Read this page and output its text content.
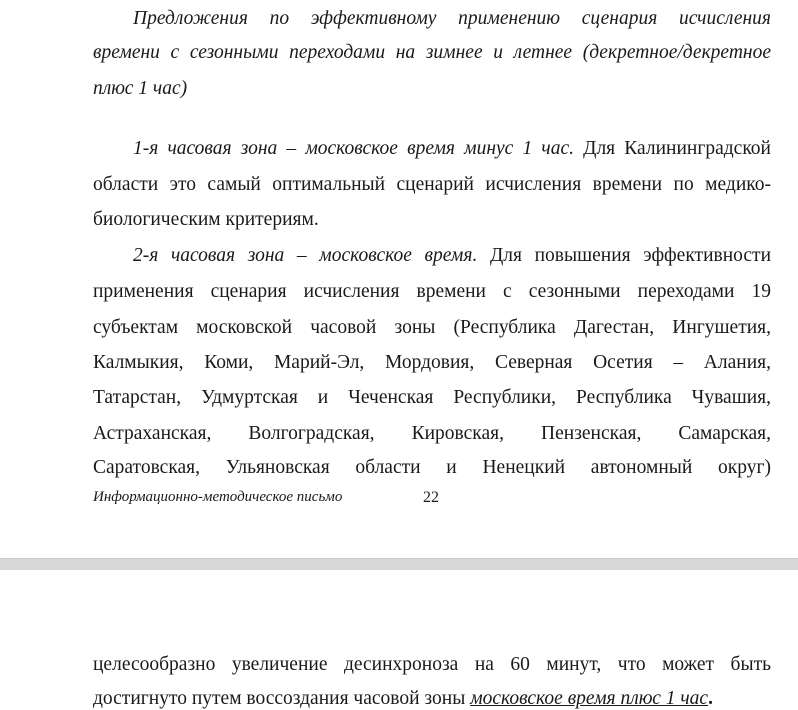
Предложения по эффективному применению сценария исчисления
времени с сезонными переходами на зимнее и летнее (декретное/декретное
плюс 1 час)
1-я часовая зона – московское время минус 1 час. Для Калининградской
области это самый оптимальный сценарий исчисления времени по медико-
биологическим критериям.
2-я часовая зона – московское время. Для повышения эффективности
применения сценария исчисления времени с сезонными переходами 19
субъектам московской часовой зоны (Республика Дагестан, Ингушетия,
Калмыкия, Коми, Марий-Эл, Мордовия, Северная Осетия – Алания,
Татарстан, Удмуртская и Чеченская Республики, Республика Чувашия,
Астраханская, Волгоградская, Кировская, Пензенская, Самарская,
Саратовская, Ульяновская области и Ненецкий автономный округ)
Информационно-методическое письмо	22
целесообразно увеличение десинхроноза на 60 минут, что может быть
достигнуто путем воссоздания часовой зоны московское время плюс 1 час.
